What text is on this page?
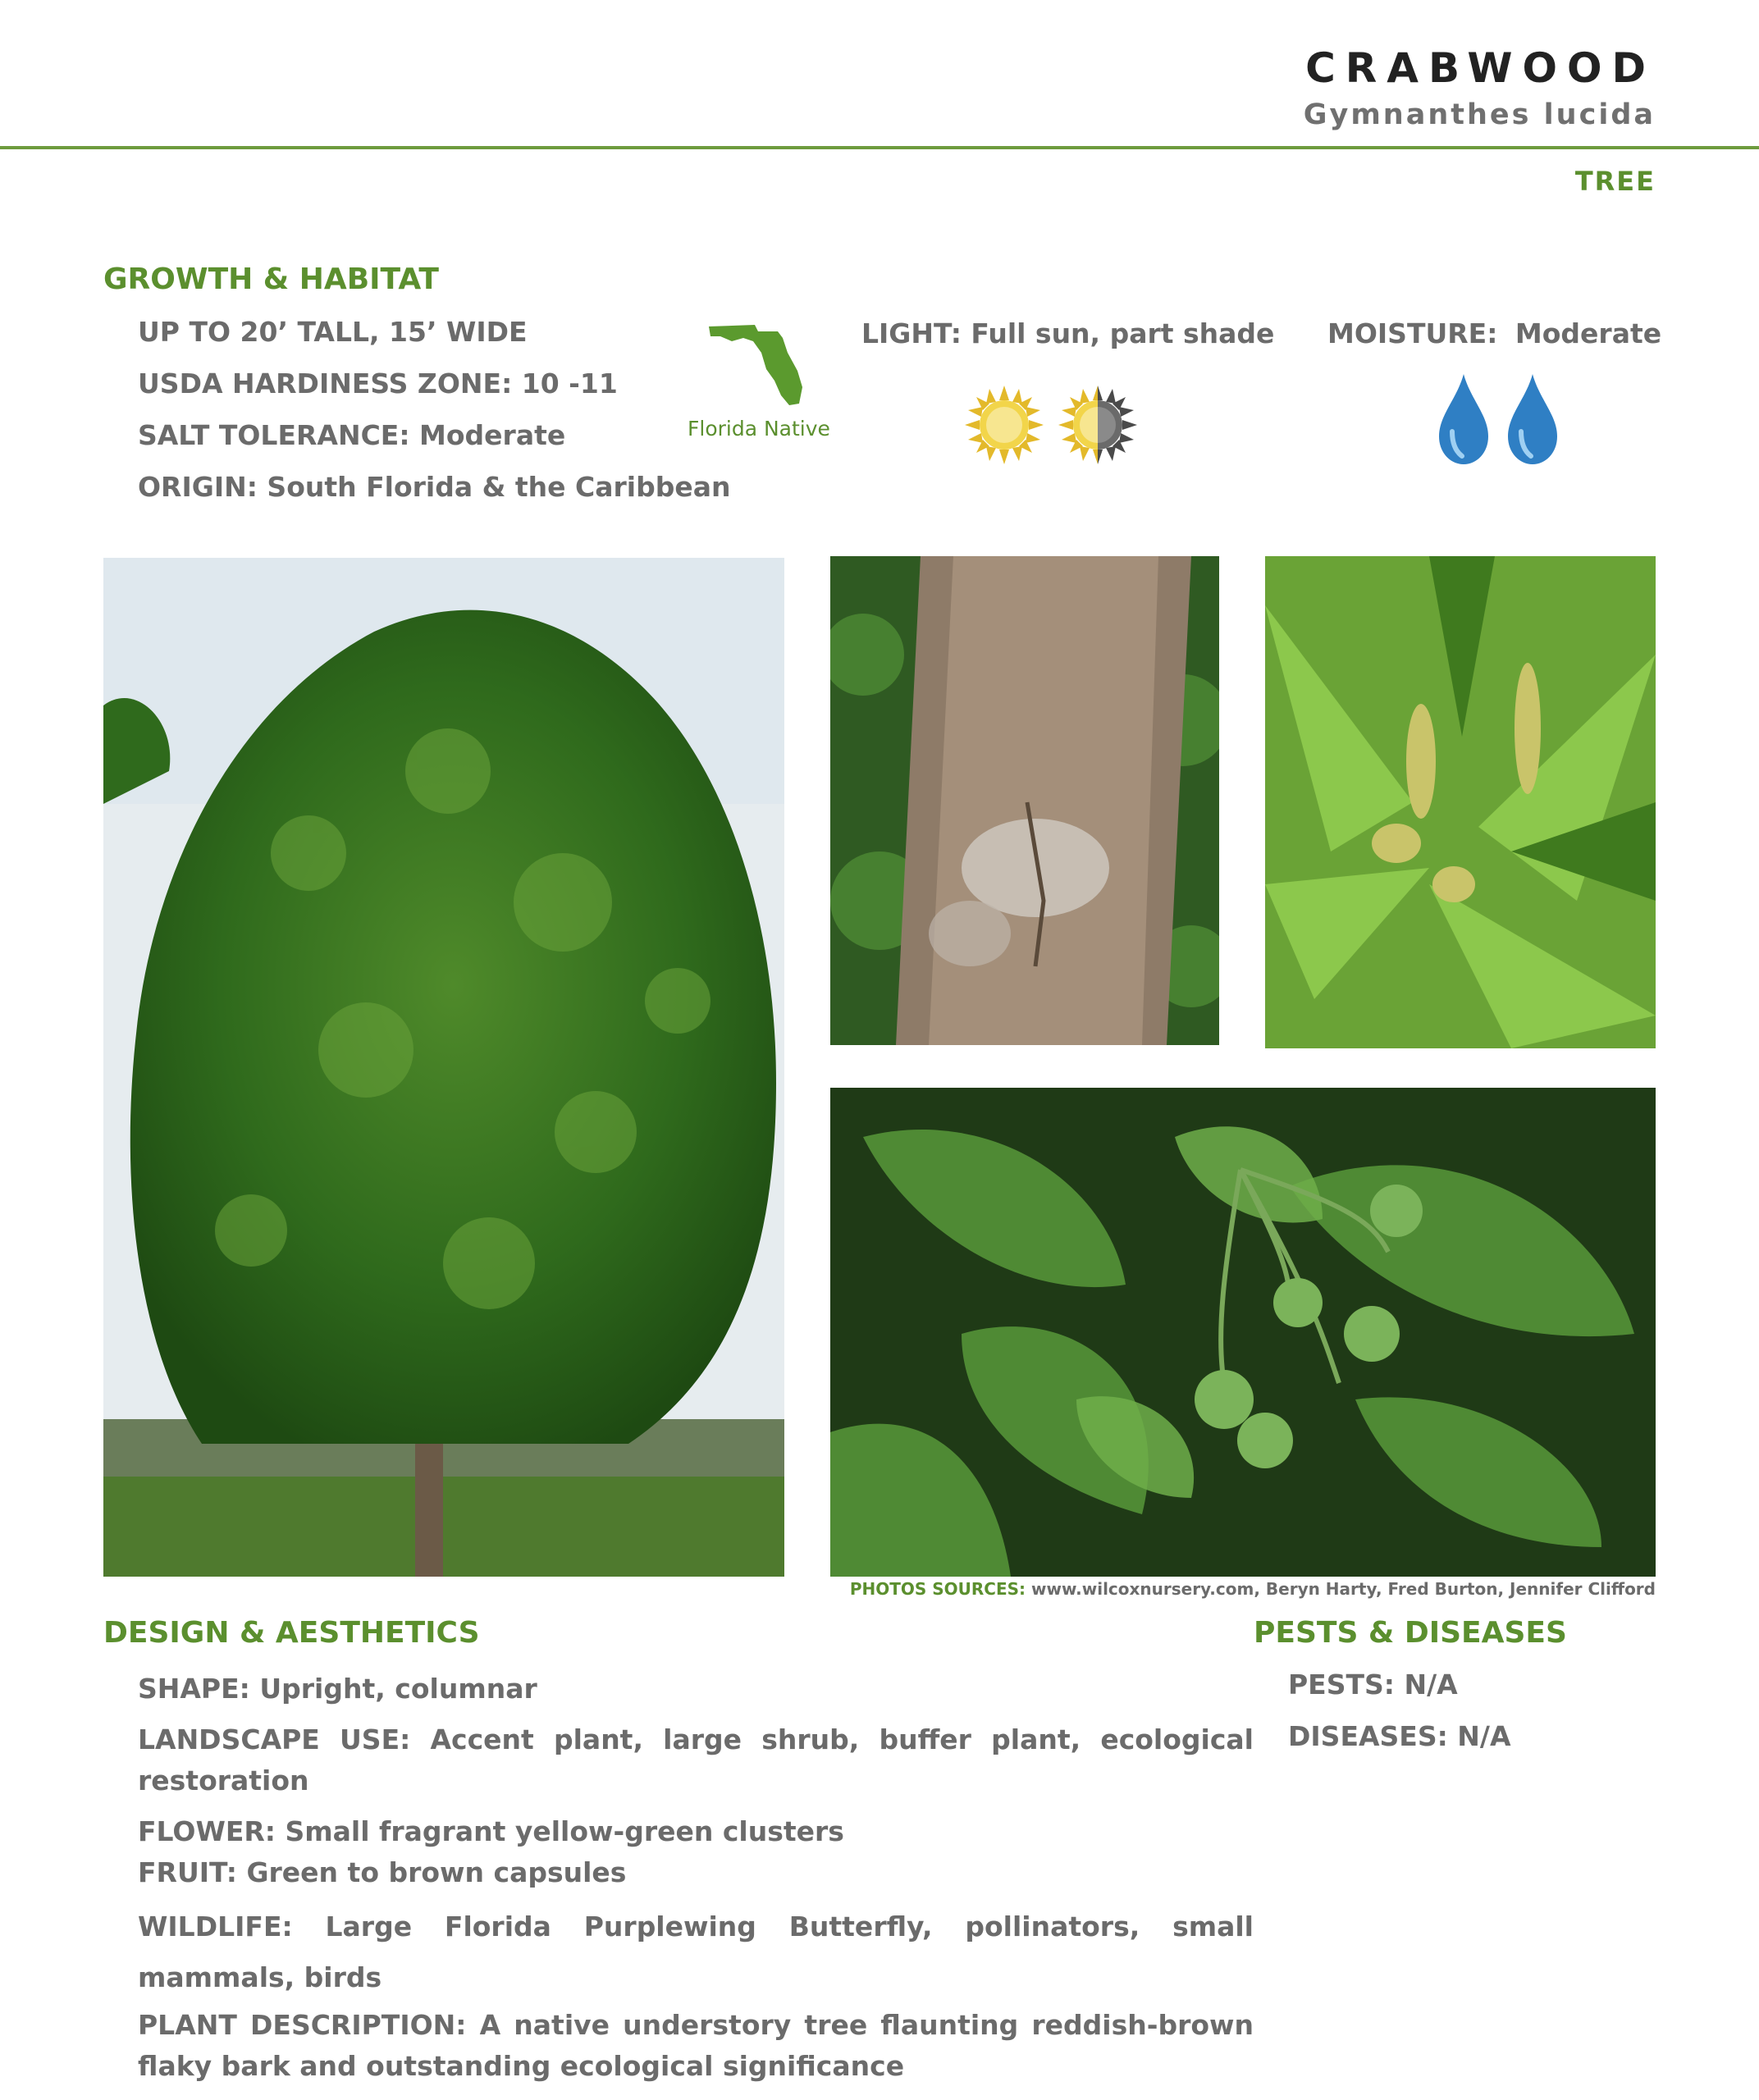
CRABWOOD
Gymnanthes lucida
TREE
GROWTH & HABITAT
UP TO 20’ TALL, 15’ WIDE
USDA HARDINESS ZONE: 10 -11
SALT TOLERANCE: Moderate
ORIGIN: South Florida & the Caribbean
Florida Native
LIGHT: Full sun, part shade MOISTURE: Moderate
PHOTOS SOURCES: www.wilcoxnursery.com, Beryn Harty, Fred Burton, Jennifer Clifford
DESIGN & AESTHETICS
SHAPE: Upright, columnar
LANDSCAPE USE: Accent plant, large shrub, buffer plant, ecological restoration
FLOWER: Small fragrant yellow-green clusters
FRUIT: Green to brown capsules
WILDLIFE: Large Florida Purplewing Butterfly, pollinators, small mammals, birds
PLANT DESCRIPTION: A native understory tree flaunting reddish-brown flaky bark and outstanding ecological significance
PESTS & DISEASES
PESTS: N/A
DISEASES: N/A
